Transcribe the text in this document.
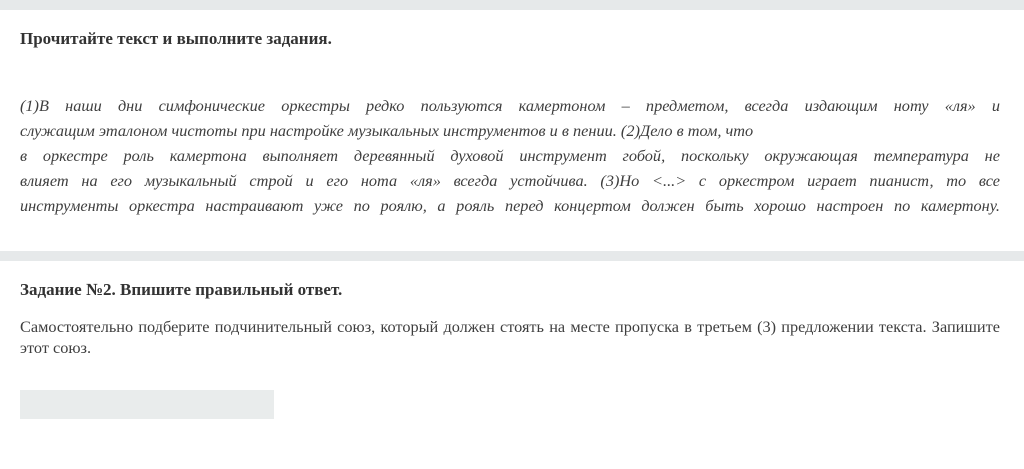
Прочитайте текст и выполните задания.
(1)В наши дни симфонические оркестры редко пользуются камертоном – предметом, всегда издающим ноту «ля» и
служащим эталоном чистоты при настройке музыкальных инструментов и в пении. (2)Дело в том, что
в оркестре роль камертона выполняет деревянный духовой инструмент гобой, поскольку окружающая температура не
влияет на его музыкальный строй и его нота «ля» всегда устойчива. (3)Но <...> с оркестром играет пианист, то все
инструменты оркестра настраивают уже по роялю, а рояль перед концертом должен быть хорошо настроен по камертону.
Задание №2. Впишите правильный ответ.
Самостоятельно подберите подчинительный союз, который должен стоять на месте пропуска в третьем (3) предложении текста. Запишите этот союз.
